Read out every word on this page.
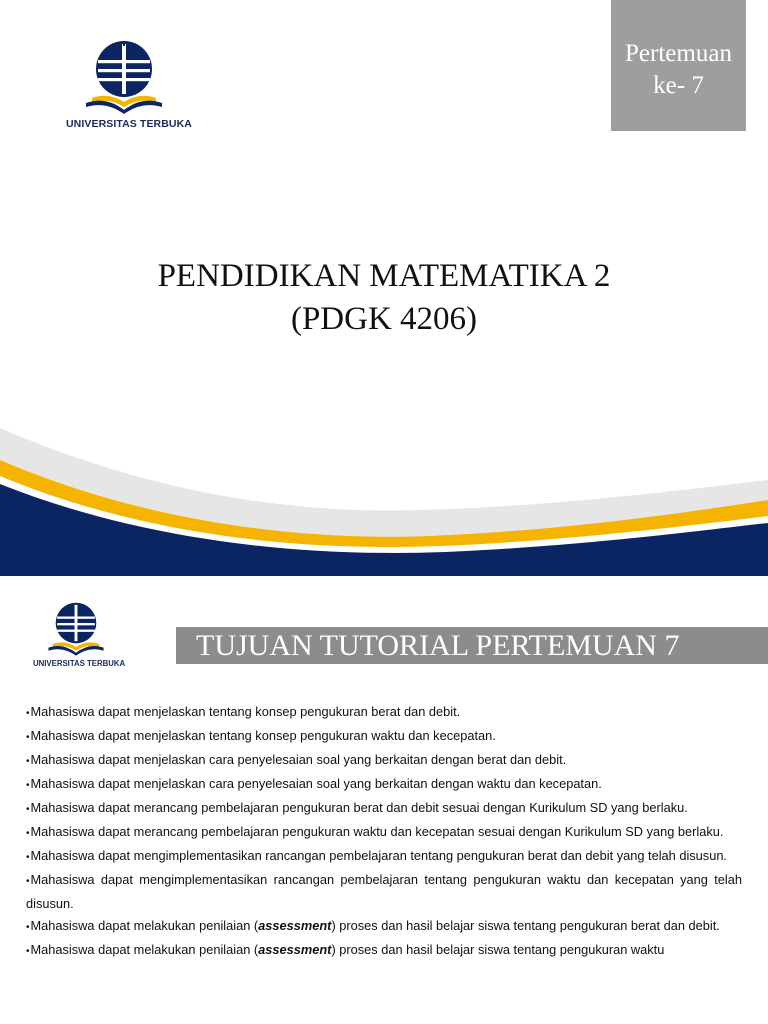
Pertemuan
ke- 7
UNIVERSITAS TERBUKA
PENDIDIKAN MATEMATIKA 2
(PDGK 4206)
UNIVERSITAS TERBUKA
TUJUAN TUTORIAL PERTEMUAN 7
• Mahasiswa dapat menjelaskan tentang konsep pengukuran berat dan debit.
• Mahasiswa dapat menjelaskan tentang konsep pengukuran waktu dan kecepatan.
• Mahasiswa dapat menjelaskan cara penyelesaian soal yang berkaitan dengan berat dan debit.
• Mahasiswa dapat menjelaskan cara penyelesaian soal yang berkaitan dengan waktu dan kecepatan.
• Mahasiswa dapat merancang pembelajaran pengukuran berat dan debit sesuai dengan Kurikulum SD yang berlaku.
• Mahasiswa dapat merancang pembelajaran pengukuran waktu dan kecepatan sesuai dengan Kurikulum SD yang berlaku.
• Mahasiswa dapat mengimplementasikan rancangan pembelajaran tentang pengukuran berat dan debit yang telah disusun.
• Mahasiswa dapat mengimplementasikan rancangan pembelajaran tentang pengukuran waktu dan kecepatan yang telah disusun.
• Mahasiswa dapat melakukan penilaian (assessment) proses dan hasil belajar siswa tentang pengukuran berat dan debit.
• Mahasiswa dapat melakukan penilaian (assessment) proses dan hasil belajar siswa tentang pengukuran waktu
